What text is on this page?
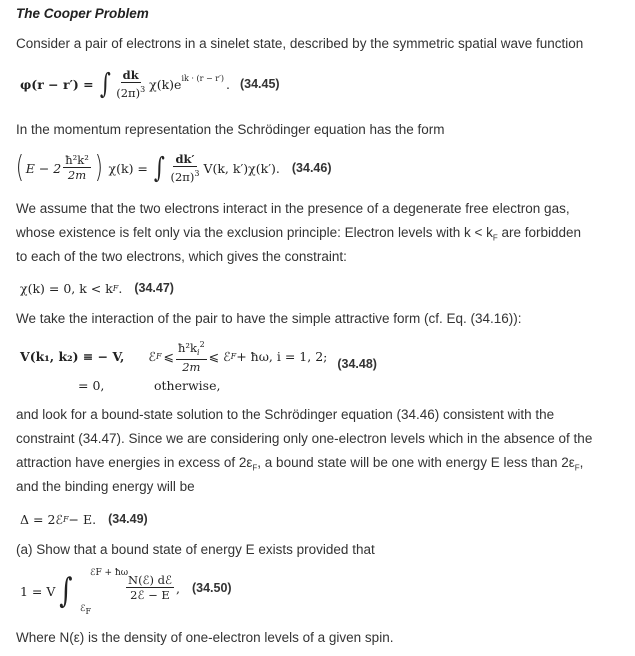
The Cooper Problem
Consider a pair of electrons in a sinelet state, described by the symmetric spatial wave function
φ(r − r′) = ∫ $\frac{dk}{(2\pi)^3} \chi(k)e^{ik \cdot (r - r')}$ . (34.45)
In the momentum representation the Schrödinger equation has the form
( $E - 2 \frac{\text{ħ²k²}}{2m}$ ) χ(k) = ∫ $\frac{dk'}{(2\pi)^3} V(k$, k′)χ(k′). (34.46)
We assume that the two electrons interact in the presence of a degenerate free electron gas,
whose existence is felt only via the exclusion principle: Electron levels with $k < k_F$ are forbidden
to each of the two electrons, which gives the constraint:
χ(k) = 0, k < k F . (34.47)
We take the interaction of the pair to have the simple attractive form (cf. Eq. (34.16)):
V(k₁, k₂) ≡ − V, ℰ F ⩽ $\frac{ħ^2k_i^2}{2m}$ ⩽ ℰ F + ħω, i = 1, 2;
(34.48)
= 0,	otherwise,
and look for a bound-state solution to the Schrödinger equation (34.46) consistent with the
constraint (34.47). Since we are considering only one-electron levels which in the absence of the
attraction have energies in excess of $2\varepsilon_F$, a bound state will be one with energy E less than $2\varepsilon_F$,
and the binding energy will be
Δ = 2ℰ F − E. (34.49)
(a) Show that a bound state of energy E exists provided that
1 = V ∫ ℰF + ħω
ℰ$_F$
$\frac{\text{N(ℰ) dℰ}}{\text{2ℰ − E}}$ , (34.50)
Where N(ε) is the density of one-electron levels of a given spin.
